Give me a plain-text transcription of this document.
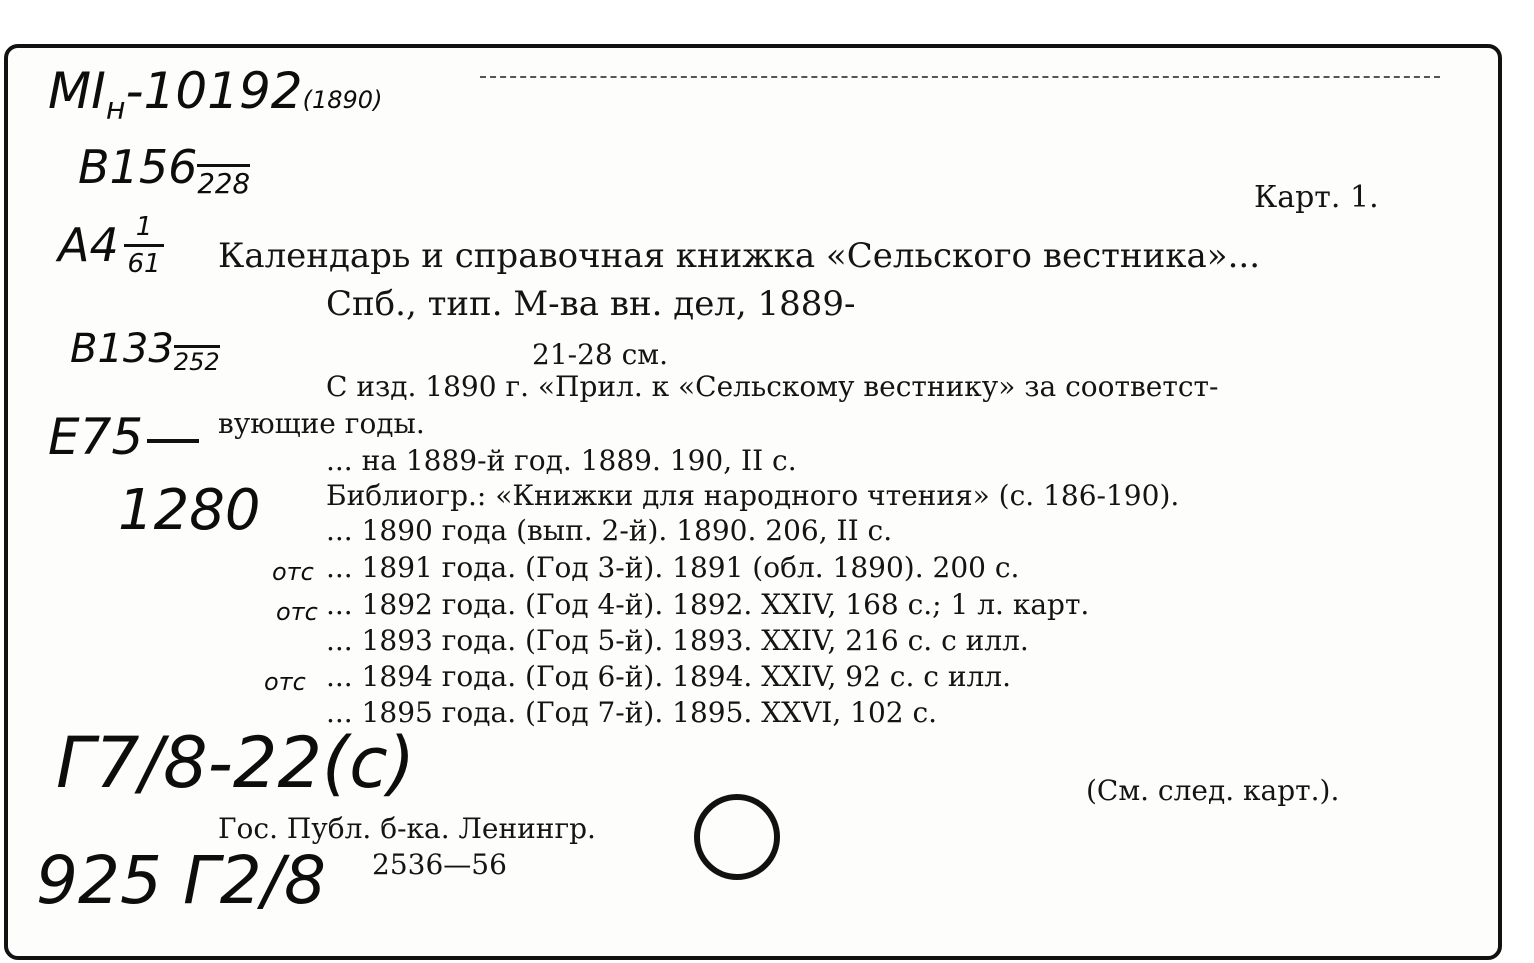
$MI_н-10192(1890)$
$B156_{228}$
A4 1
61
$B133_{252}$
E75
1280
отс
отс
отс
Г7/8-22(с)
925 Г2/8
Карт. 1.
Календарь и справочная книжка «Сельского вестника»...
Спб., тип. М-ва вн. дел, 1889-
21-28 см.
С изд. 1890 г. «Прил. к «Сельскому вестнику» за соответст-
вующие годы.
... на 1889-й год. 1889. 190, II с.
Библиогр.: «Книжки для народного чтения» (с. 186-190).
... 1890 года (вып. 2-й). 1890. 206, II с.
... 1891 года. (Год 3-й). 1891 (обл. 1890). 200 с.
... 1892 года. (Год 4-й). 1892. XXIV, 168 с.; 1 л. карт.
... 1893 года. (Год 5-й). 1893. XXIV, 216 с. с илл.
... 1894 года. (Год 6-й). 1894. XXIV, 92 с. с илл.
... 1895 года. (Год 7-й). 1895. XXVI, 102 с.
(См. след. карт.).
Гос. Публ. б-ка. Ленингр.
2536—56
